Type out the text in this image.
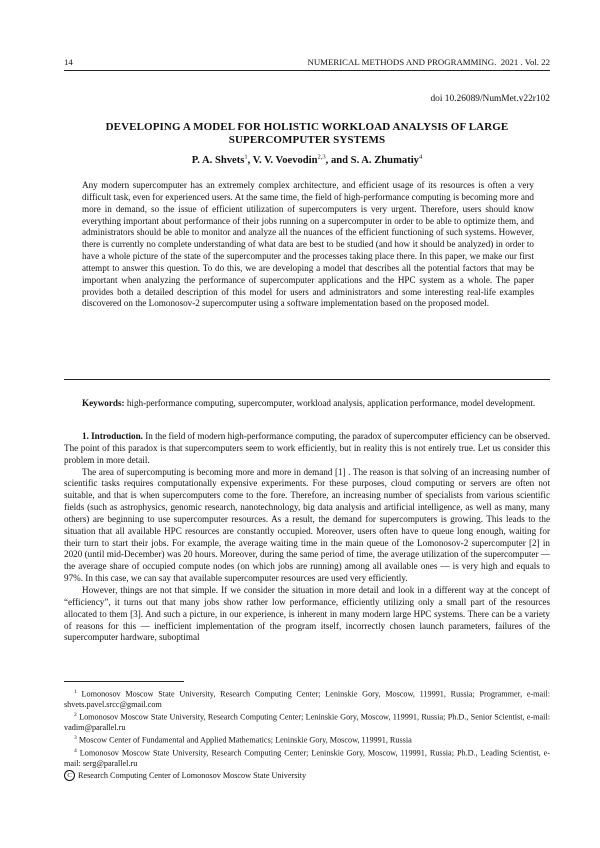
14	NUMERICAL METHODS AND PROGRAMMING. 2021 . Vol. 22
doi 10.26089/NumMet.v22r102
DEVELOPING A MODEL FOR HOLISTIC WORKLOAD ANALYSIS OF LARGE SUPERCOMPUTER SYSTEMS
P. A. Shvets$^1$, V. V. Voevodin$^{2,3}$, and S. A. Zhumatiy$^4$
Any modern supercomputer has an extremely complex architecture, and efficient usage of its resources is often a very difficult task, even for experienced users. At the same time, the field of high-performance computing is becoming more and more in demand, so the issue of efficient utilization of supercomputers is very urgent. Therefore, users should know everything important about performance of their jobs running on a supercomputer in order to be able to optimize them, and administrators should be able to monitor and analyze all the nuances of the efficient functioning of such systems. However, there is currently no complete understanding of what data are best to be studied (and how it should be analyzed) in order to have a whole picture of the state of the supercomputer and the processes taking place there. In this paper, we make our first attempt to answer this question. To do this, we are developing a model that describes all the potential factors that may be important when analyzing the performance of supercomputer applications and the HPC system as a whole. The paper provides both a detailed description of this model for users and administrators and some interesting real-life examples discovered on the Lomonosov-2 supercomputer using a software implementation based on the proposed model.
Keywords: high-performance computing, supercomputer, workload analysis, application performance, model development.

1. Introduction. In the field of modern high-performance computing, the paradox of supercomputer efficiency can be observed. The point of this paradox is that supercomputers seem to work efficiently, but in reality this is not entirely true. Let us consider this problem in more detail.

The area of supercomputing is becoming more and more in demand [1] . The reason is that solving of an increasing number of scientific tasks requires computationally expensive experiments. For these purposes, cloud computing or servers are often not suitable, and that is when supercomputers come to the fore. Therefore, an increasing number of specialists from various scientific fields (such as astrophysics, genomic research, nanotechnology, big data analysis and artificial intelligence, as well as many, many others) are beginning to use supercomputer resources. As a result, the demand for supercomputers is growing. This leads to the situation that all available HPC resources are constantly occupied. Moreover, users often have to queue long enough, waiting for their turn to start their jobs. For example, the average waiting time in the main queue of the Lomonosov-2 supercomputer [2] in 2020 (until mid-December) was 20 hours. Moreover, during the same period of time, the average utilization of the supercomputer — the average share of occupied compute nodes (on which jobs are running) among all available ones — is very high and equals to 97%. In this case, we can say that available supercomputer resources are used very efficiently.

However, things are not that simple. If we consider the situation in more detail and look in a different way at the concept of “efficiency”, it turns out that many jobs show rather low performance, efficiently utilizing only a small part of the resources allocated to them [3]. And such a picture, in our experience, is inherent in many modern large HPC systems. There can be a variety of reasons for this — inefficient implementation of the program itself, incorrectly chosen launch parameters, failures of the supercomputer hardware, suboptimal

$^1$ Lomonosov Moscow State University, Research Computing Center; Leninskie Gory, Moscow, 119991, Russia; Programmer, e-mail: shvets.pavel.srcc@gmail.com

$^2$ Lomonosov Moscow State University, Research Computing Center; Leninskie Gory, Moscow, 119991, Russia; Ph.D., Senior Scientist, e-mail: vadim@parallel.ru

$^3$ Moscow Center of Fundamental and Applied Mathematics; Leninskie Gory, Moscow, 119991, Russia

$^4$ Lomonosov Moscow State University, Research Computing Center; Leninskie Gory, Moscow, 119991, Russia; Ph.D., Leading Scientist, e-mail: serg@parallel.ru

C Research Computing Center of Lomonosov Moscow State University
